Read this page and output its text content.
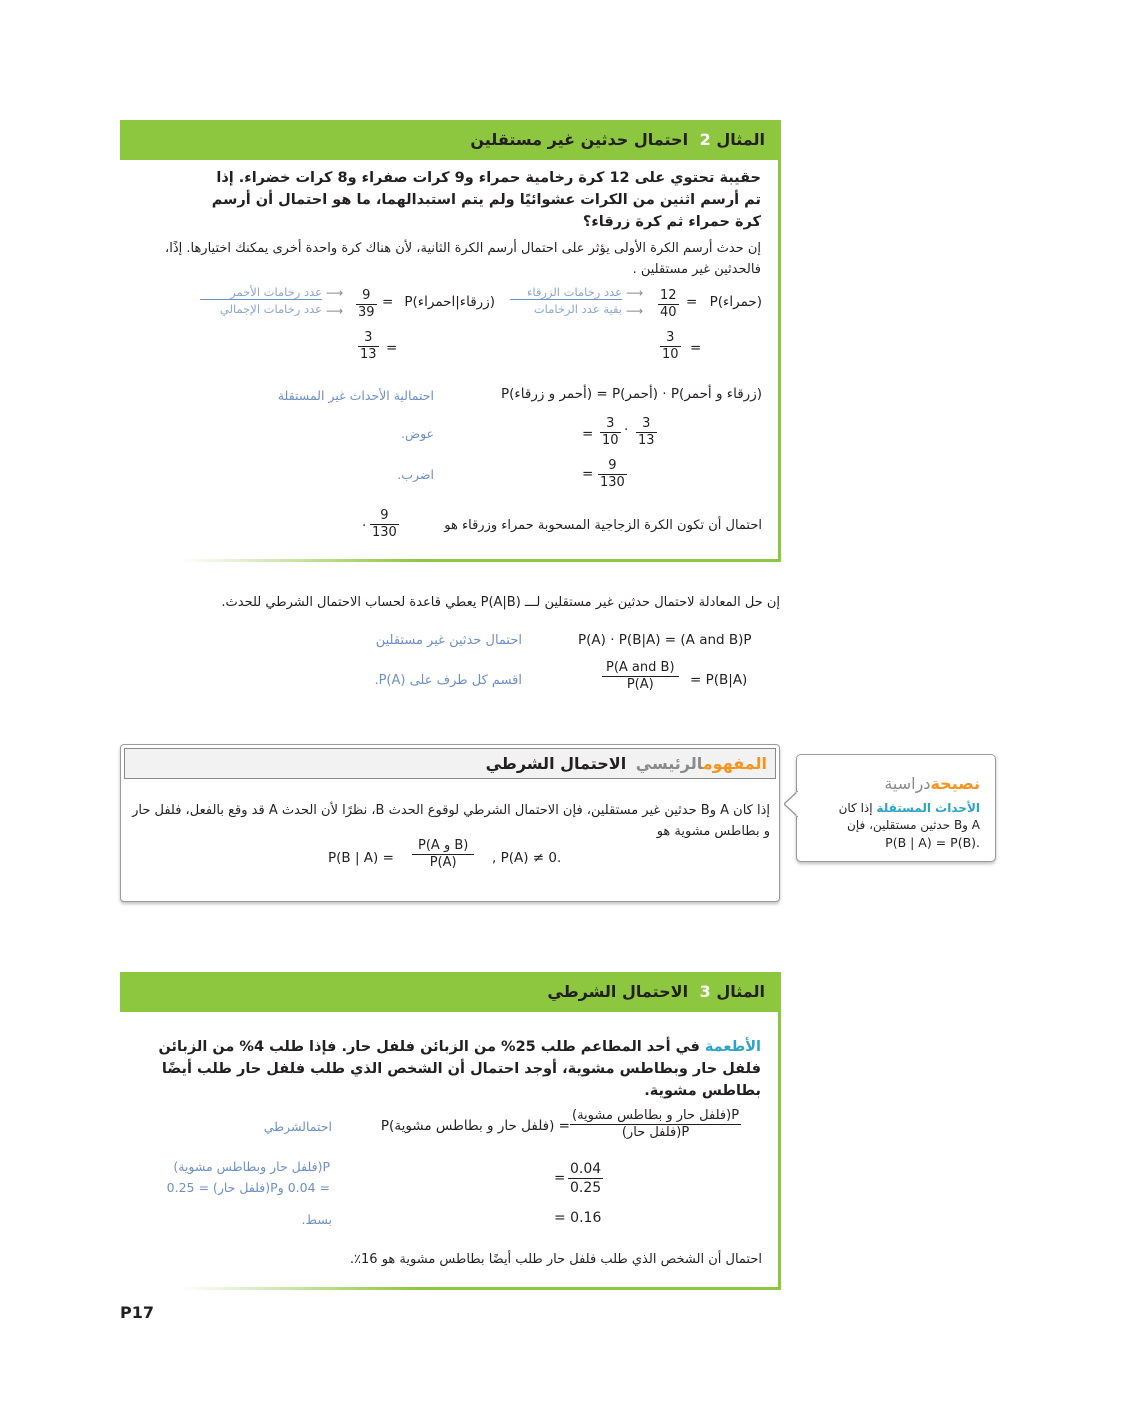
المثال 2 احتمال حدثين غير مستقلين
حقيبة تحتوي على 12 كرة رخامية حمراء و9 كرات صفراء و8 كرات خضراء. إذا تم أرسم اثنين من الكرات عشوائيًا ولم يتم استبدالهما، ما هو احتمال أن أرسم كرة حمراء ثم كرة زرقاء؟
إن حدث أرسم الكرة الأولى يؤثر على احتمال أرسم الكرة الثانية، لأن هناك كرة واحدة أخرى يمكنك اختيارها. إذًا، فالحدثين غير مستقلين .
P(حمراء)
=
$\frac{12}{40}$
⟶
⟶
عدد رخامات الزرقاء
بقية عدد الرخامات
P(زرقاء|احمراء)
=
$\frac{9}{39}$
⟶
⟶
عدد رخامات الأحمر
عدد رخامات الإجمالي
=
$\frac{3}{10}$
=
$\frac{3}{13}$
P(أحمر و زرقاء) = P(أحمر) · P(زرقاء و أحمر)
احتمالية الأحداث غير المستقلة
= $\frac{3}{10} \cdot \frac{3}{13}$
عوض.
= $\frac{9}{130}$
اضرب.
احتمال أن تكون الكرة الزجاجية المسحوبة حمراء وزرقاء هو
$\frac{9}{130}$
.
إن حل المعادلة لاحتمال حدثين غير مستقلين لـــ P(A|B) يعطي قاعدة لحساب الاحتمال الشرطي للحدث.
P(A) · P(B|A) = (A and B)P
احتمال حدثين غير مستقلين
P(A and B)
P(A)	= P(B|A)
اقسم كل طرف على P(A).
المفهومالرئيسي الاحتمال الشرطي
إذا كان A وB حدثين غير مستقلين، فإن الاحتمال الشرطي لوقوع الحدث B، نظرًا لأن الحدث A قد وقع بالفعل، فلفل حار و بطاطس مشوية هو
P(B | A) =
P(A و B)
P(A)	, P(A) ≠ 0.
نصيحةدراسية
الأحداث المستقلة إذا كان
A وB حدثين مستقلين، فإن
P(B | A) = P(B).
المثال 3 الاحتمال الشرطي
الأطعمة في أحد المطاعم طلب 25% من الزبائن فلفل حار. فإذا طلب 4% من الزبائن فلفل حار وبطاطس مشوية، أوجد احتمال أن الشخص الذي طلب فلفل حار طلب أيضًا بطاطس مشوية.
P(فلفل حار و بطاطس مشوية) =
P(فلفل حار و بطاطس مشوية)
P(فلفل حار)
احتمالشرطي
= $\frac{0.04}{0.25}$
P(فلفل حار وبطاطس مشوية)
= 0.04 وP(فلفل حار) = 0.25
= 0.16
بسط.
احتمال أن الشخص الذي طلب فلفل حار طلب أيضًا بطاطس مشوية هو 16٪.
P17
